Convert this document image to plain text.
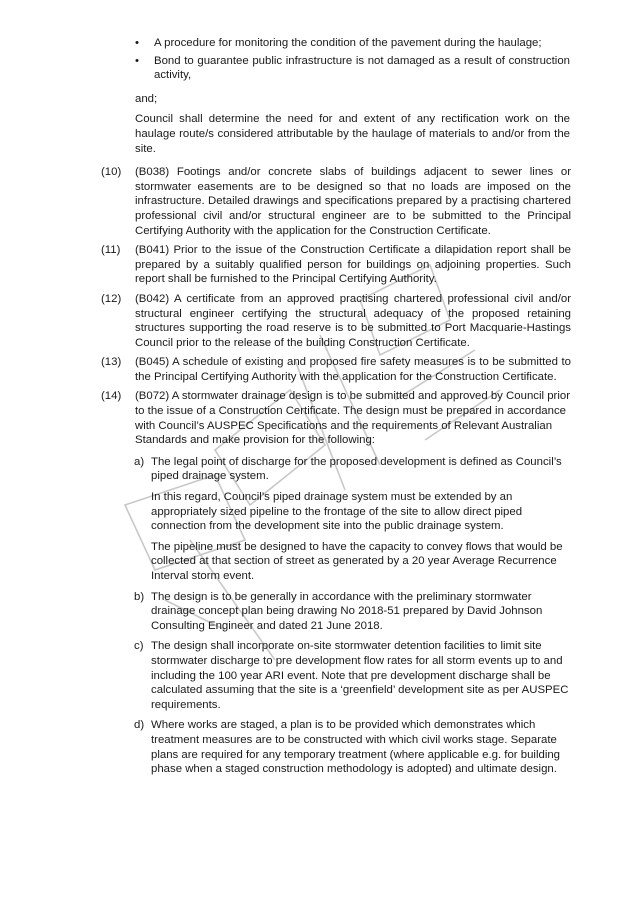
•	A procedure for monitoring the condition of the pavement during the haulage;
•	Bond to guarantee public infrastructure is not damaged as a result of construction activity,
and;
Council shall determine the need for and extent of any rectification work on the haulage route/s considered attributable by the haulage of materials to and/or from the site.
(10)	(B038) Footings and/or concrete slabs of buildings adjacent to sewer lines or stormwater easements are to be designed so that no loads are imposed on the infrastructure. Detailed drawings and specifications prepared by a practising chartered professional civil and/or structural engineer are to be submitted to the Principal Certifying Authority with the application for the Construction Certificate.
(11)	(B041) Prior to the issue of the Construction Certificate a dilapidation report shall be prepared by a suitably qualified person for buildings on adjoining properties. Such report shall be furnished to the Principal Certifying Authority.
(12)	(B042) A certificate from an approved practising chartered professional civil and/or structural engineer certifying the structural adequacy of the proposed retaining structures supporting the road reserve is to be submitted to Port Macquarie-Hastings Council prior to the release of the building Construction Certificate.
(13)	(B045) A schedule of existing and proposed fire safety measures is to be submitted to the Principal Certifying Authority with the application for the Construction Certificate.
(14)	(B072) A stormwater drainage design is to be submitted and approved by Council prior to the issue of a Construction Certificate. The design must be prepared in accordance with Council’s AUSPEC Specifications and the requirements of Relevant Australian Standards and make provision for the following:
a) The legal point of discharge for the proposed development is defined as Council’s piped drainage system.
In this regard, Council’s piped drainage system must be extended by an appropriately sized pipeline to the frontage of the site to allow direct piped connection from the development site into the public drainage system.
The pipeline must be designed to have the capacity to convey flows that would be collected at that section of street as generated by a 20 year Average Recurrence Interval storm event.
b) The design is to be generally in accordance with the preliminary stormwater drainage concept plan being drawing No 2018-51 prepared by David Johnson Consulting Engineer and dated 21 June 2018.
c) The design shall incorporate on-site stormwater detention facilities to limit site stormwater discharge to pre development flow rates for all storm events up to and including the 100 year ARI event. Note that pre development discharge shall be calculated assuming that the site is a ‘greenfield’ development site as per AUSPEC requirements.
d) Where works are staged, a plan is to be provided which demonstrates which treatment measures are to be constructed with which civil works stage. Separate plans are required for any temporary treatment (where applicable e.g. for building phase when a staged construction methodology is adopted) and ultimate design.
